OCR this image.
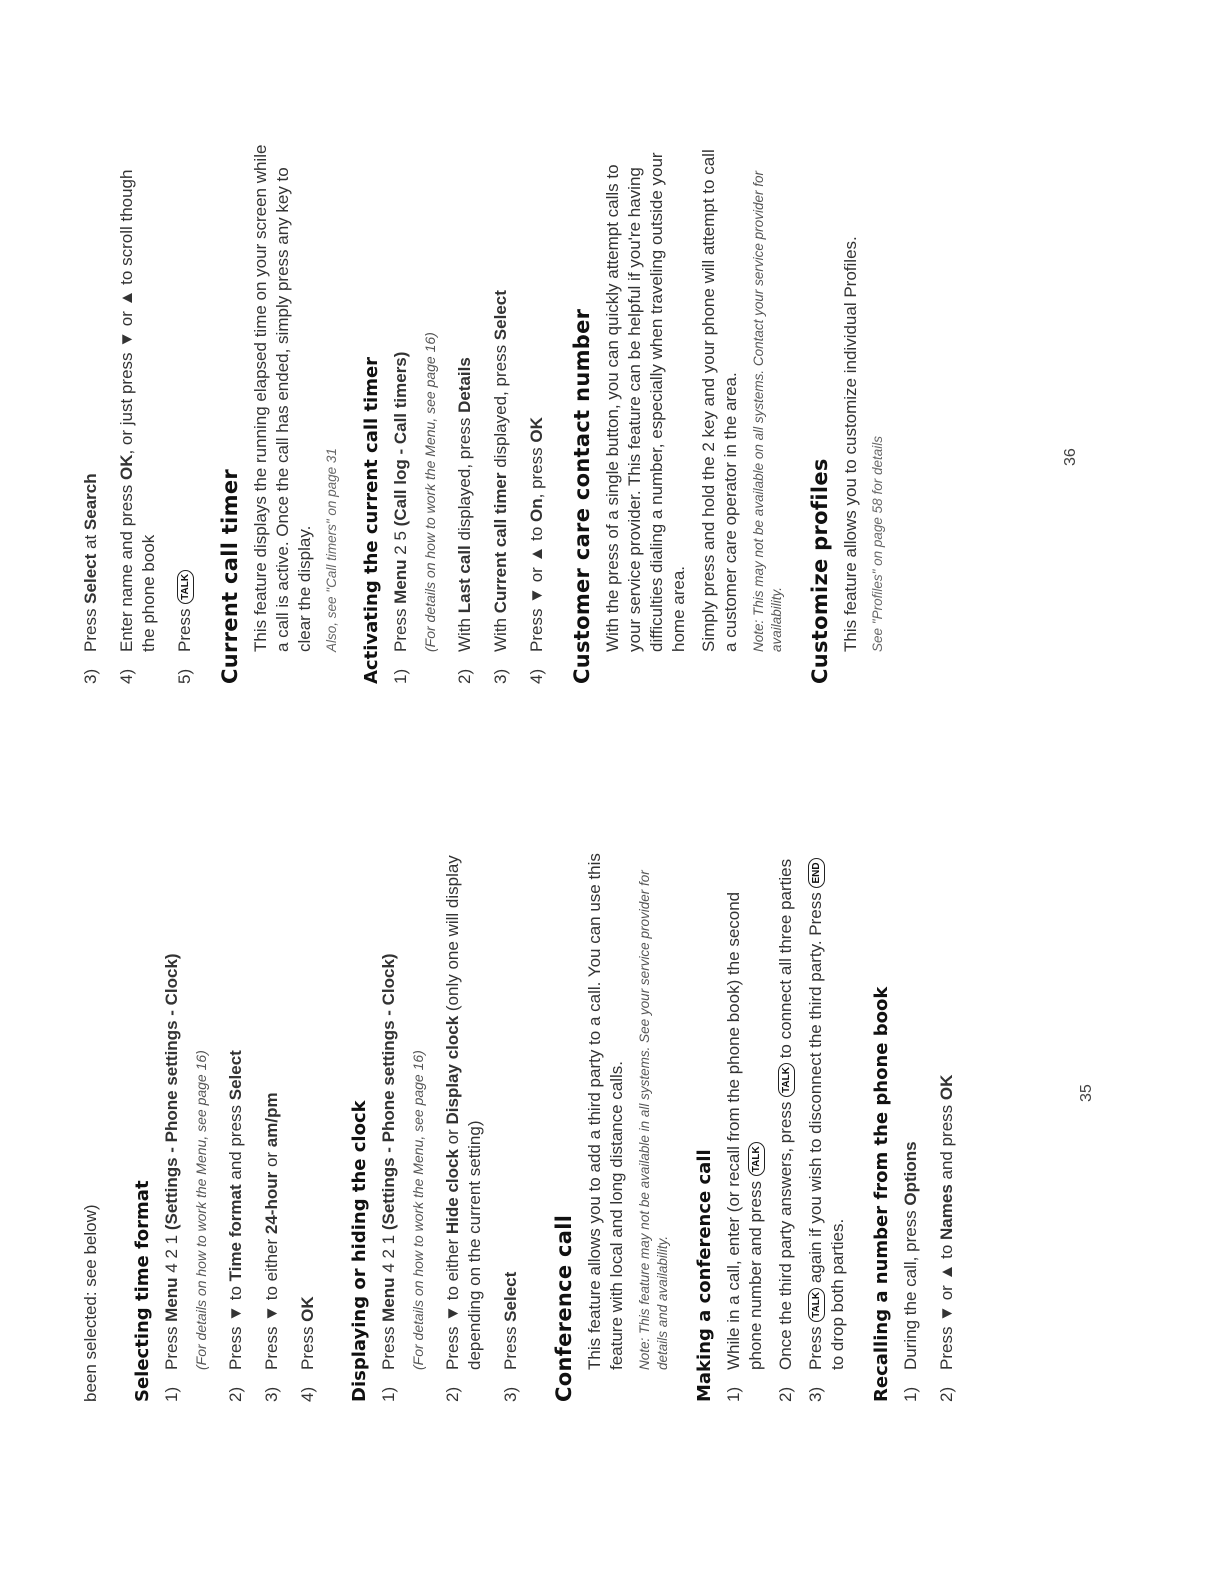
been selected: see below) Selecting time format 1)
Press Menu 4 2 1 (Settings - Phone settings - Clock) (For details on how to work the Menu, see page 16)
2)
Press ▼ to Time format and press Select
3)
Press ▼ to either 24-hour or am/pm
4)
Press OK Displaying or hiding the clock 1)
Press Menu 4 2 1 (Settings - Phone settings - Clock) (For details on how to work the Menu, see page 16)
2)
Press ▼ to either Hide clock or Display clock (only one will display depending on the current setting)
3)
Press Select Conference call This feature allows you to add a third party to a call. You can use this feature with local and long distance calls. Note: This feature may not be available in all systems. See your service provider for details and availability. Making a conference call 1)
While in a call, enter (or recall from the phone book) the second phone number and press TALK
2)
Once the third party answers, press TALK to connect all three parties
3)
Press TALK again if you wish to disconnect the third party. Press END to drop both parties. Recalling a number from the phone book 1)
During the call, press Options
2)
Press ▼ or ▲ to Names and press OK	35
3)
Press Select at Search
4)
Enter name and press OK, or just press ▼ or ▲ to scroll though the phone book
5)
Press TALK Current call timer This feature displays the running elapsed time on your screen while a call is active. Once the call has ended, simply press any key to clear the display. Also, see "Call timers" on page 31 Activating the current call timer 1)
Press Menu 2 5 (Call log - Call timers) (For details on how to work the Menu, see page 16)
2)
With Last call displayed, press Details
3)
With Current call timer displayed, press Select
4)
Press ▼ or ▲ to On, press OK Customer care contact number With the press of a single button, you can quickly attempt calls to your service provider. This feature can be helpful if you're having difficulties dialing a number, especially when traveling outside your home area. Simply press and hold the 2 key and your phone will attempt to call a customer care operator in the area. Note: This may not be available on all systems. Contact your service provider for availability. Customize profiles This feature allows you to customize individual Profiles. See "Profiles" on page 58 for details	36
